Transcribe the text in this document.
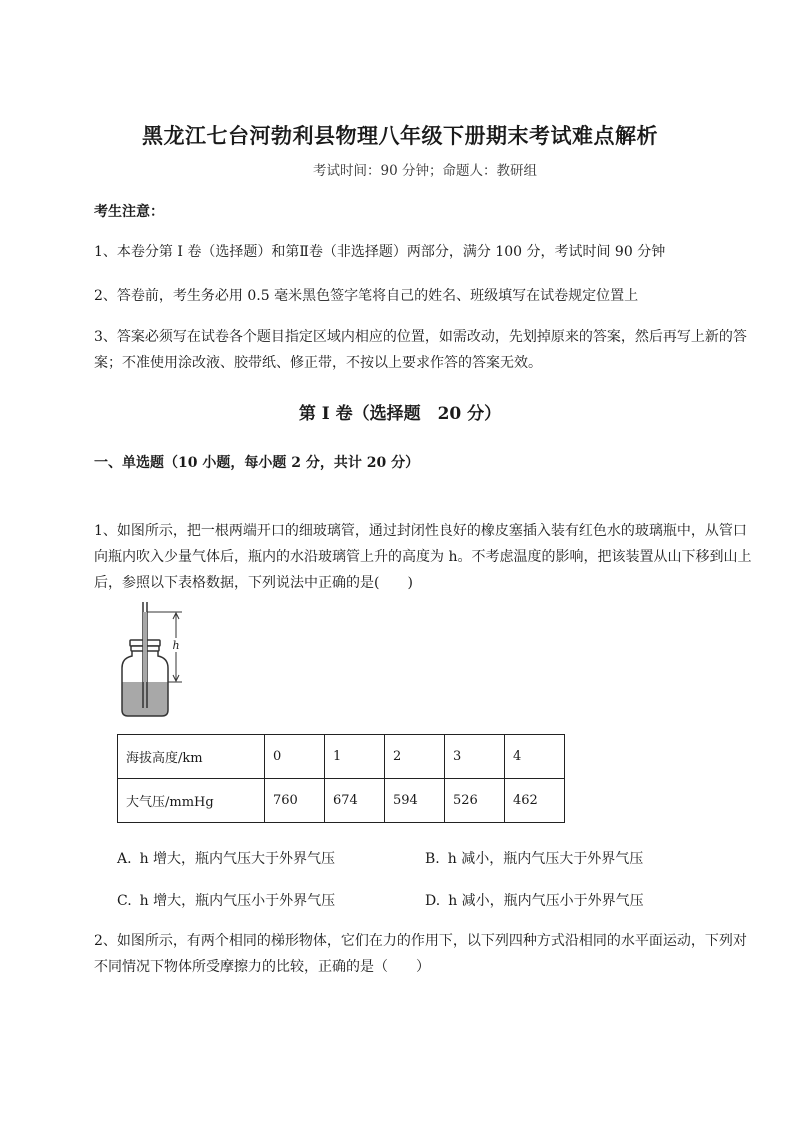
黑龙江七台河勃利县物理八年级下册期末考试难点解析
考试时间：90 分钟；命题人：教研组
考生注意：
1、本卷分第 I 卷（选择题）和第Ⅱ卷（非选择题）两部分，满分 100 分，考试时间 90 分钟
2、答卷前，考生务必用 0.5 毫米黑色签字笔将自己的姓名、班级填写在试卷规定位置上
3、答案必须写在试卷各个题目指定区域内相应的位置，如需改动，先划掉原来的答案，然后再写上新的答案；不准使用涂改液、胶带纸、修正带，不按以上要求作答的答案无效。
第 I 卷（选择题　20 分）
一、单选题（10 小题，每小题 2 分，共计 20 分）
1、如图所示，把一根两端开口的细玻璃管，通过封闭性良好的橡皮塞插入装有红色水的玻璃瓶中，从管口向瓶内吹入少量气体后，瓶内的水沿玻璃管上升的高度为 h。不考虑温度的影响，把该装置从山下移到山上后，参照以下表格数据，下列说法中正确的是(　　)
h
海拔高度/km	0	1	2	3	4
大气压/mmHg	760	674	594	526	462
A. h 增大，瓶内气压大于外界气压	B. h 减小，瓶内气压大于外界气压
C. h 增大，瓶内气压小于外界气压	D. h 减小，瓶内气压小于外界气压
2、如图所示，有两个相同的梯形物体，它们在力的作用下，以下列四种方式沿相同的水平面运动，下列对不同情况下物体所受摩擦力的比较，正确的是（　　）
